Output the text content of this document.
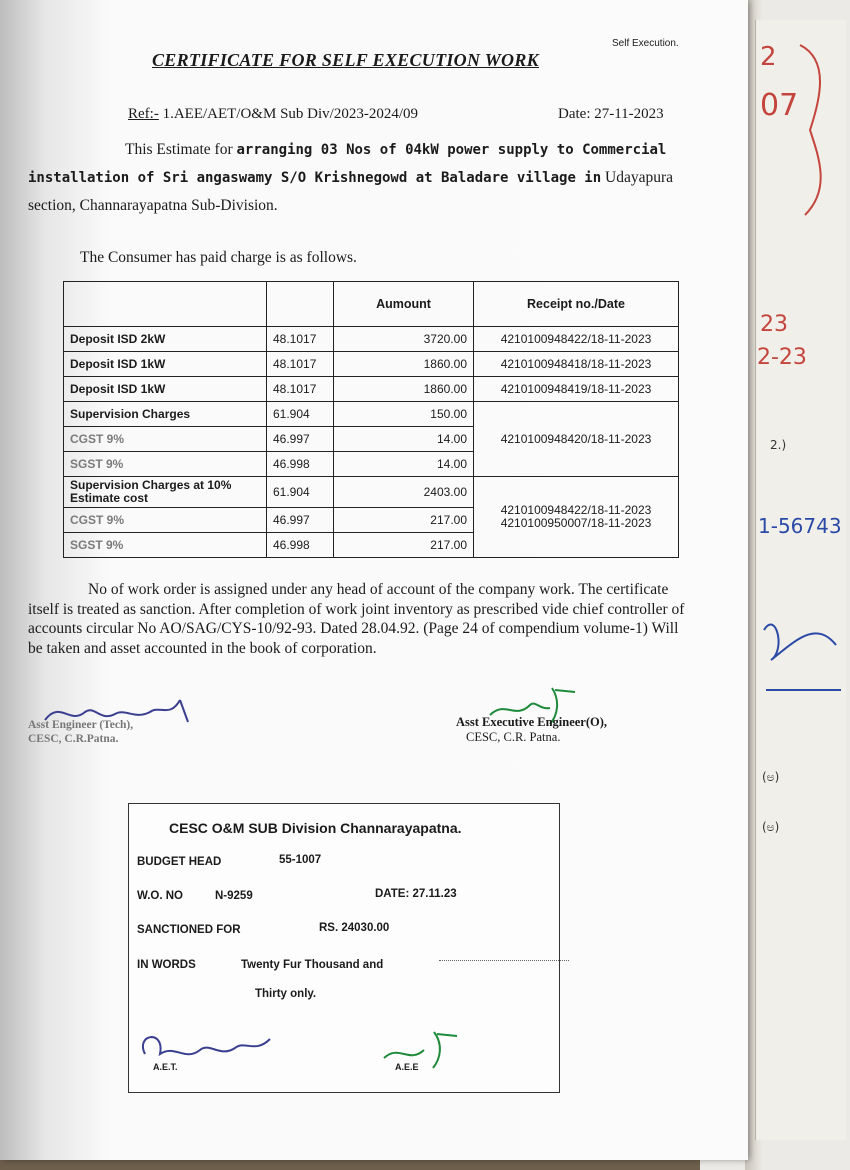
2
07
23
2-23
2.)
1-56743
(ಅ)
(ಅ)
Self Execution.
CERTIFICATE FOR SELF EXECUTION WORK
Ref:- 1.AEE/AET/O&M Sub Div/2023-2024/09	Date: 27-11-2023
This Estimate for arranging 03 Nos of 04kW power supply to Commercial installation of Sri angaswamy S/O Krishnegowd at Baladare village in Udayapura section, Channarayapatna Sub-Division.
The Consumer has paid charge is as follows.
		Aumount	Receipt no./Date
Deposit ISD 2kW	48.1017	3720.00	4210100948422/18-11-2023
Deposit ISD 1kW	48.1017	1860.00	4210100948418/18-11-2023
Deposit ISD 1kW	48.1017	1860.00	4210100948419/18-11-2023
Supervision Charges	61.904	150.00	4210100948420/18-11-2023
CGST 9%	46.997	14.00	
SGST 9%	46.998	14.00	
Supervision Charges at 10% Estimate cost	61.904	2403.00	4210100948422/18-11-2023
4210100950007/18-11-2023

CGST 9%	46.997	217.00	
SGST 9%	46.998	217.00	
No of work order is assigned under any head of account of the company work. The certificate itself is treated as sanction. After completion of work joint inventory as prescribed vide chief controller of accounts circular No AO/SAG/CYS-10/92-93. Dated 28.04.92. (Page 24 of compendium volume-1) Will be taken and asset accounted in the book of corporation.
Asst Engineer (Tech),
CESC, C.R.Patna.
Asst Executive Engineer(O),
CESC, C.R. Patna.
CESC O&M SUB Division Channarayapatna.
BUDGET HEAD	55-1007
W.O. NO	N-9259	DATE: 27.11.23
SANCTIONED FOR	RS. 24030.00
IN WORDS	Twenty Fur Thousand and
Thirty only.
A.E.T.	A.E.E
